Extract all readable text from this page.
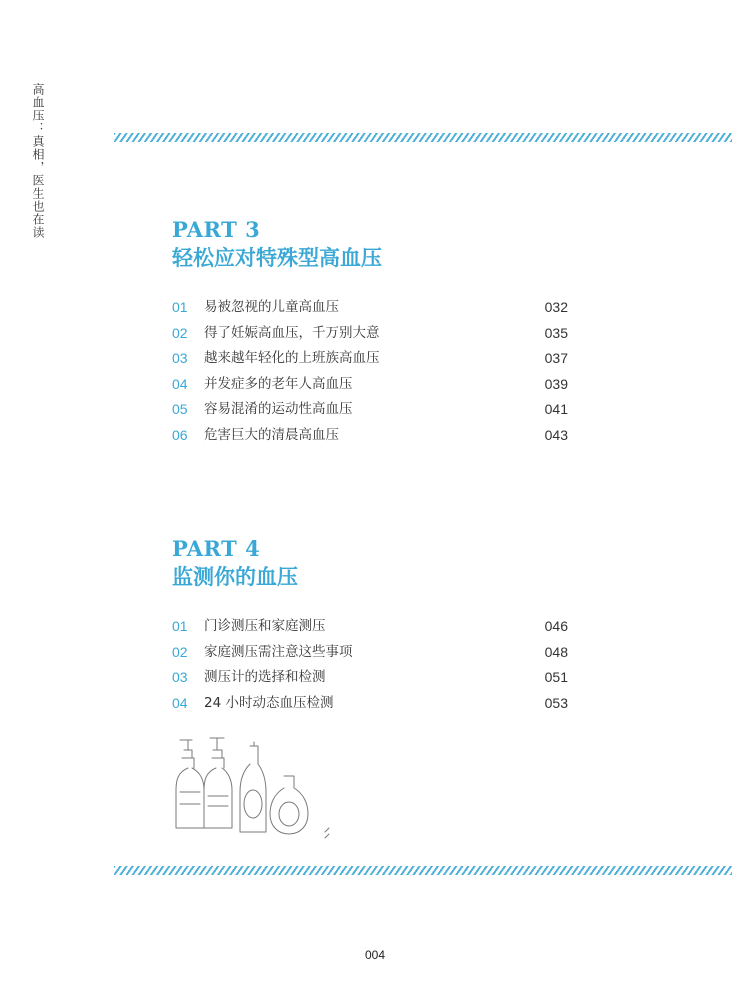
高血压：真相，医生也在读	PART 3
轻松应对特殊型高血压
01 易被忽视的儿童高血压	032
02 得了妊娠高血压，千万别大意	035
03 越来越年轻化的上班族高血压	037
04 并发症多的老年人高血压	039
05 容易混淆的运动性高血压	041
06 危害巨大的清晨高血压	043
PART 4
监测你的血压
01 门诊测压和家庭测压	046
02 家庭测压需注意这些事项	048
03 测压计的选择和检测	051
04 24 小时动态血压检测	053
004
